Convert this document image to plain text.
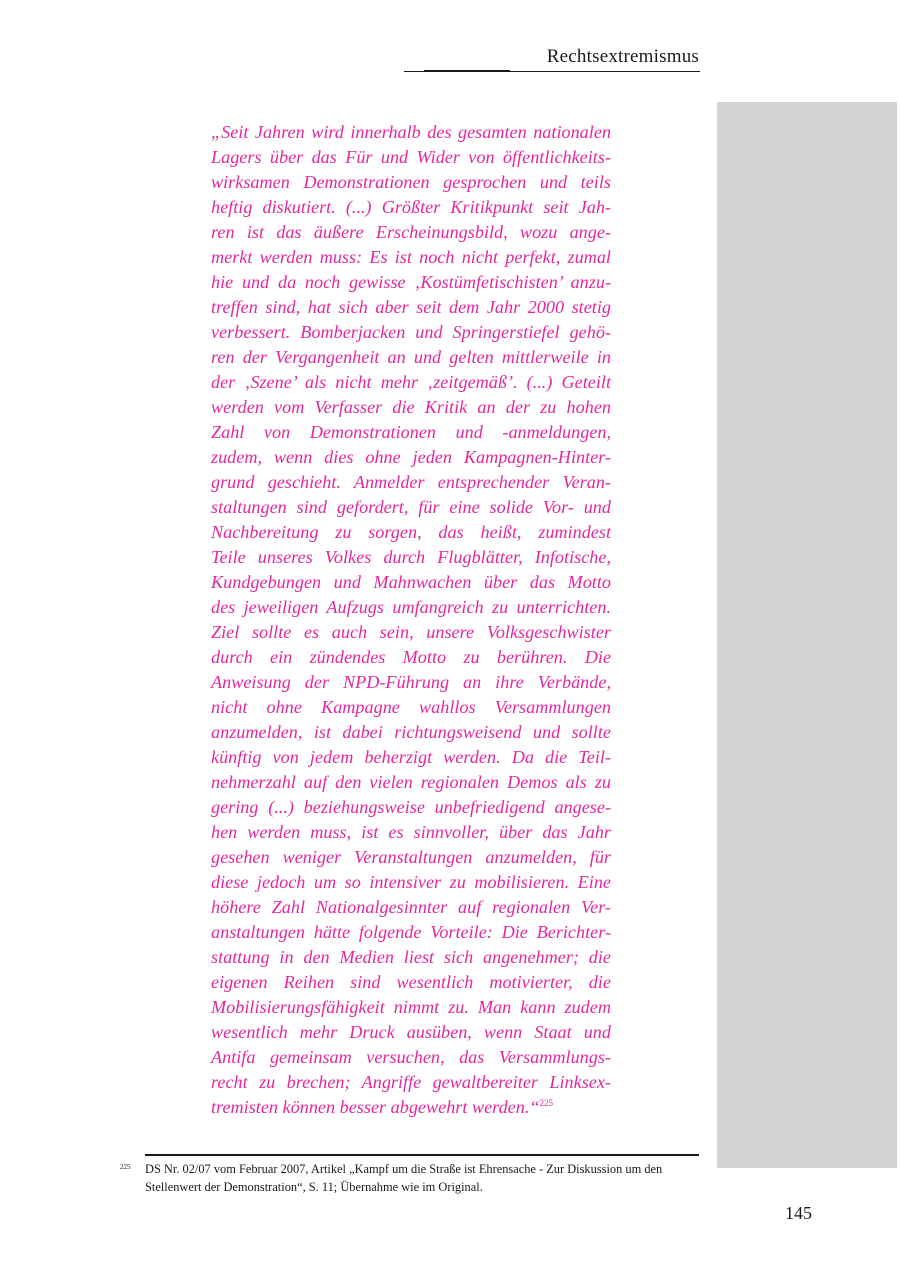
Rechtsextremismus
„Seit Jahren wird innerhalb des gesamten nationalen
Lagers über das Für und Wider von öffentlichkeits-
wirksamen Demonstrationen gesprochen und teils
heftig diskutiert. (...) Größter Kritikpunkt seit Jah-
ren ist das äußere Erscheinungsbild, wozu ange-
merkt werden muss: Es ist noch nicht perfekt, zumal
hie und da noch gewisse ‚Kostümfetischisten’ anzu-
treffen sind, hat sich aber seit dem Jahr 2000 stetig
verbessert. Bomberjacken und Springerstiefel gehö-
ren der Vergangenheit an und gelten mittlerweile in
der ‚Szene’ als nicht mehr ‚zeitgemäß’. (...) Geteilt
werden vom Verfasser die Kritik an der zu hohen
Zahl von Demonstrationen und -anmeldungen,
zudem, wenn dies ohne jeden Kampagnen-Hinter-
grund geschieht. Anmelder entsprechender Veran-
staltungen sind gefordert, für eine solide Vor- und
Nachbereitung zu sorgen, das heißt, zumindest
Teile unseres Volkes durch Flugblätter, Infotische,
Kundgebungen und Mahnwachen über das Motto
des jeweiligen Aufzugs umfangreich zu unterrichten.
Ziel sollte es auch sein, unsere Volksgeschwister
durch ein zündendes Motto zu berühren. Die
Anweisung der NPD-Führung an ihre Verbände,
nicht ohne Kampagne wahllos Versammlungen
anzumelden, ist dabei richtungsweisend und sollte
künftig von jedem beherzigt werden. Da die Teil-
nehmerzahl auf den vielen regionalen Demos als zu
gering (...) beziehungsweise unbefriedigend angese-
hen werden muss, ist es sinnvoller, über das Jahr
gesehen weniger Veranstaltungen anzumelden, für
diese jedoch um so intensiver zu mobilisieren. Eine
höhere Zahl Nationalgesinnter auf regionalen Ver-
anstaltungen hätte folgende Vorteile: Die Berichter-
stattung in den Medien liest sich angenehmer; die
eigenen Reihen sind wesentlich motivierter, die
Mobilisierungsfähigkeit nimmt zu. Man kann zudem
wesentlich mehr Druck ausüben, wenn Staat und
Antifa gemeinsam versuchen, das Versammlungs-
recht zu brechen; Angriffe gewaltbereiter Linksex-
tremisten können besser abgewehrt werden.“$^{225}$
225 DS Nr. 02/07 vom Februar 2007, Artikel „Kampf um die Straße ist Ehrensache - Zur Diskussion um den Stellenwert der Demonstration“, S. 11; Übernahme wie im Original.
145
